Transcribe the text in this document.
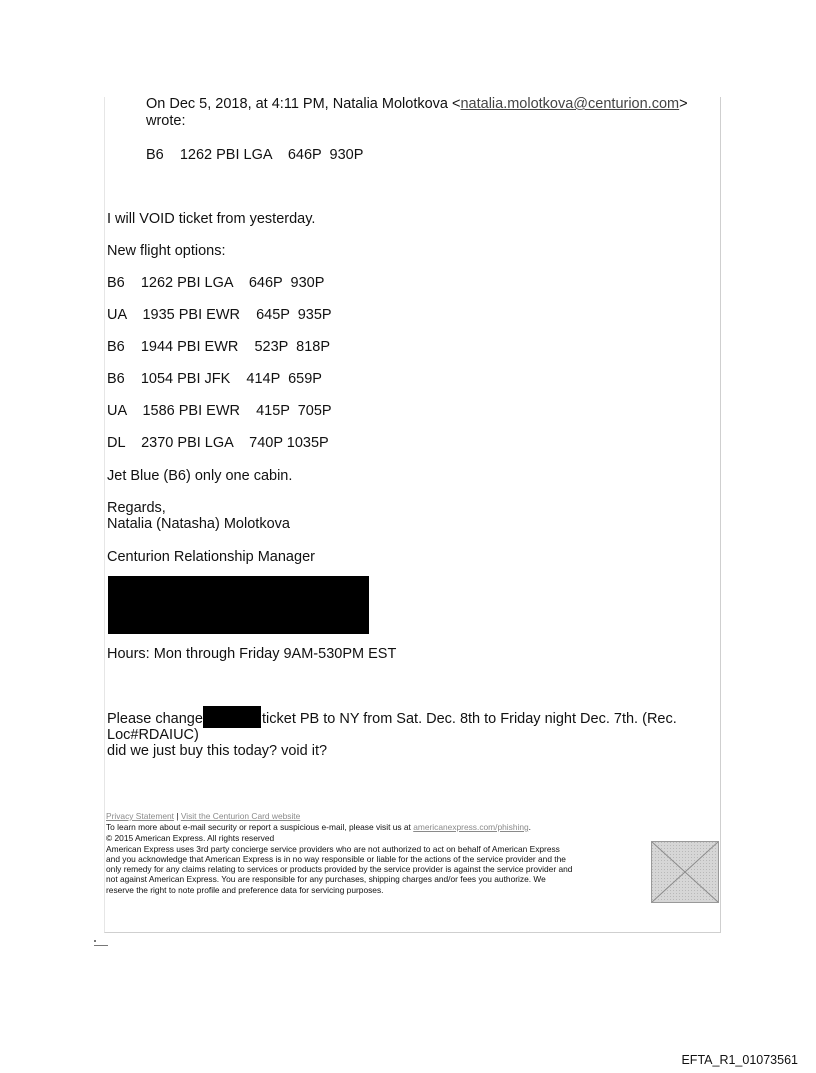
On Dec 5, 2018, at 4:11 PM, Natalia Molotkova <natalia.molotkova@centurion.com>
wrote:
B6    1262 PBI LGA    646P  930P
I will VOID ticket from yesterday.
New flight options:
B6    1262 PBI LGA    646P  930P
UA    1935 PBI EWR    645P  935P
B6    1944 PBI EWR    523P  818P
B6    1054 PBI JFK    414P  659P
UA    1586 PBI EWR    415P  705P
DL    2370 PBI LGA    740P 1035P
Jet Blue (B6) only one cabin.
Regards,
Natalia (Natasha) Molotkova
Centurion Relationship Manager
Hours: Mon through Friday 9AM-530PM EST
Please change	ticket PB to NY from Sat. Dec. 8th to Friday night Dec. 7th. (Rec.
Loc#RDAIUC)
did we just buy this today? void it?
Privacy Statement | Visit the Centurion Card website
To learn more about e-mail security or report a suspicious e-mail, please visit us at americanexpress.com/phishing.
© 2015 American Express. All rights reserved
American Express uses 3rd party concierge service providers who are not authorized to act on behalf of American Express
and you acknowledge that American Express is in no way responsible or liable for the actions of the service provider and the
only remedy for any claims relating to services or products provided by the service provider is against the service provider and
not against American Express. You are responsible for any purchases, shipping charges and/or fees you authorize. We
reserve the right to note profile and preference data for servicing purposes.
EFTA_R1_01073561
